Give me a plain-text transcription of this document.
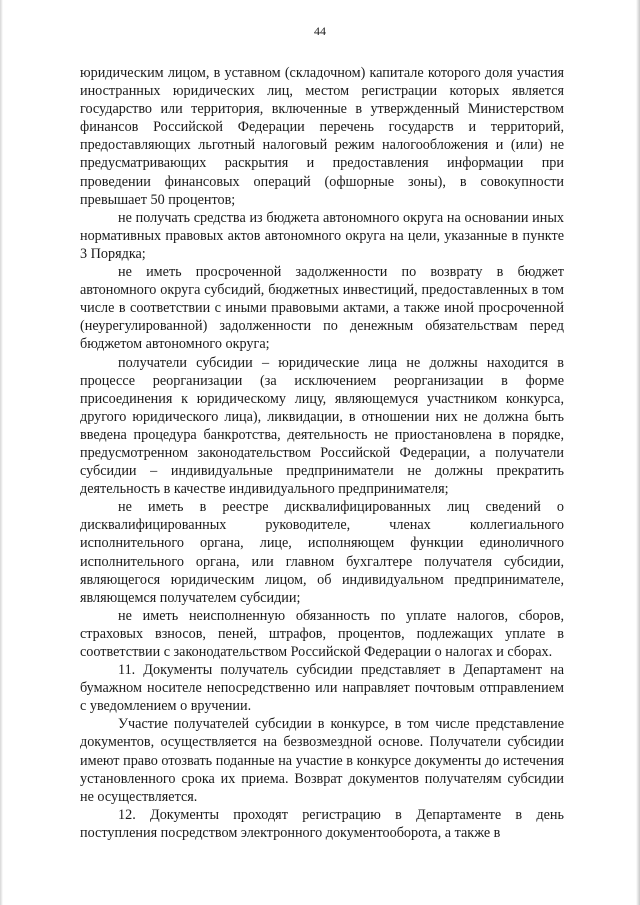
44

юридическим лицом, в уставном (складочном) капитале которого доля участия иностранных юридических лиц, местом регистрации которых является государство или территория, включенные в утвержденный Министерством финансов Российской Федерации перечень государств и территорий, предоставляющих льготный налоговый режим налогообложения и (или) не предусматривающих раскрытия и предоставления информации при проведении финансовых операций (офшорные зоны), в совокупности превышает 50 процентов;

не получать средства из бюджета автономного округа на основании иных нормативных правовых актов автономного округа на цели, указанные в пункте 3 Порядка;

не иметь просроченной задолженности по возврату в бюджет автономного округа субсидий, бюджетных инвестиций, предоставленных в том числе в соответствии с иными правовыми актами, а также иной просроченной (неурегулированной) задолженности по денежным обязательствам перед бюджетом автономного округа;

получатели субсидии – юридические лица не должны находится в процессе реорганизации (за исключением реорганизации в форме присоединения к юридическому лицу, являющемуся участником конкурса, другого юридического лица), ликвидации, в отношении них не должна быть введена процедура банкротства, деятельность не приостановлена в порядке, предусмотренном законодательством Российской Федерации, а получатели субсидии – индивидуальные предприниматели не должны прекратить деятельность в качестве индивидуального предпринимателя;

не иметь в реестре дисквалифицированных лиц сведений о дисквалифицированных руководителе, членах коллегиального исполнительного органа, лице, исполняющем функции единоличного исполнительного органа, или главном бухгалтере получателя субсидии, являющегося юридическим лицом, об индивидуальном предпринимателе, являющемся получателем субсидии;

не иметь неисполненную обязанность по уплате налогов, сборов, страховых взносов, пеней, штрафов, процентов, подлежащих уплате в соответствии с законодательством Российской Федерации о налогах и сборах.

11. Документы получатель субсидии представляет в Департамент на бумажном носителе непосредственно или направляет почтовым отправлением с уведомлением о вручении.

Участие получателей субсидии в конкурсе, в том числе представление документов, осуществляется на безвозмездной основе. Получатели субсидии имеют право отозвать поданные на участие в конкурсе документы до истечения установленного срока их приема. Возврат документов получателям субсидии не осуществляется.

12. Документы проходят регистрацию в Департаменте в день поступления посредством электронного документооборота, а также в
